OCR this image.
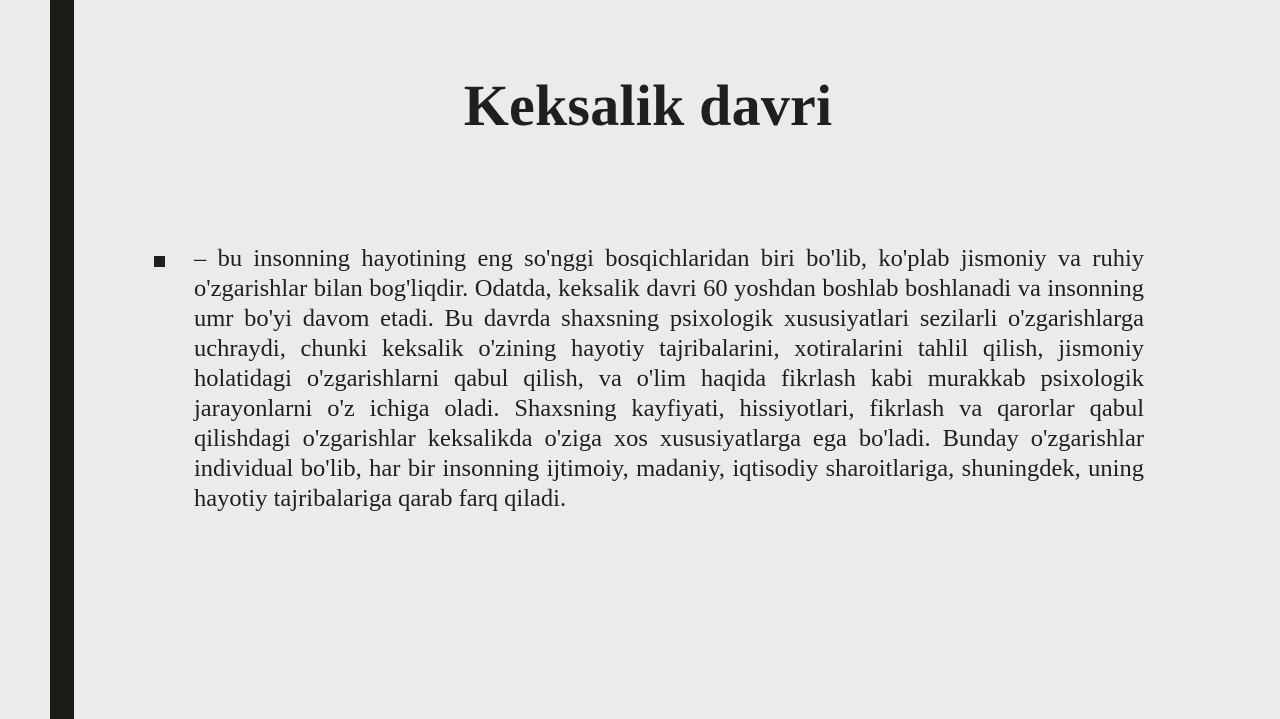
Keksalik davri
– bu insonning hayotining eng so'nggi bosqichlaridan biri bo'lib, ko'plab jismoniy va ruhiy o'zgarishlar bilan bog'liqdir. Odatda, keksalik davri 60 yoshdan boshlab boshlanadi va insonning umr bo'yi davom etadi. Bu davrda shaxsning psixologik xususiyatlari sezilarli o'zgarishlarga uchraydi, chunki keksalik o'zining hayotiy tajribalarini, xotiralarini tahlil qilish, jismoniy holatidagi o'zgarishlarni qabul qilish, va o'lim haqida fikrlash kabi murakkab psixologik jarayonlarni o'z ichiga oladi. Shaxsning kayfiyati, hissiyotlari, fikrlash va qarorlar qabul qilishdagi o'zgarishlar keksalikda o'ziga xos xususiyatlarga ega bo'ladi. Bunday o'zgarishlar individual bo'lib, har bir insonning ijtimoiy, madaniy, iqtisodiy sharoitlariga, shuningdek, uning hayotiy tajribalariga qarab farq qiladi.
